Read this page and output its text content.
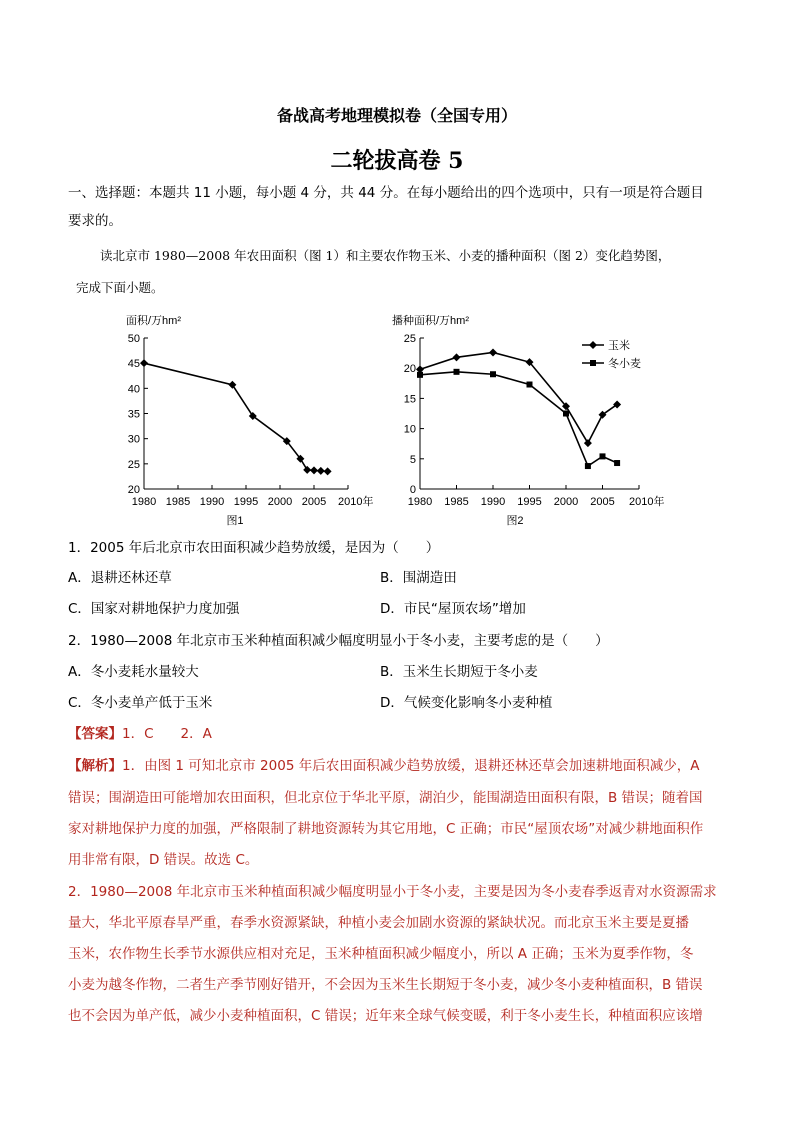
备战高考地理模拟卷（全国专用）
二轮拔高卷 5
一、选择题：本题共 11 小题，每小题 4 分，共 44 分。在每小题给出的四个选项中，只有一项是符合题目
要求的。
读北京市 1980—2008 年农田面积（图 1）和主要农作物玉米、小麦的播种面积（图 2）变化趋势图，
完成下面小题。
面积/万hm²
20
25
30
35
40
45
50
1980 1985 1990 1995 2000 2005 2010年
图1
播种面积/万hm²
0
5
10
15
20
25
1980 1985 1990 1995 2000 2005 2010年
玉米
冬小麦
图2
1．2005 年后北京市农田面积减少趋势放缓，是因为（　　）
A．退耕还林还草	B．围湖造田
C．国家对耕地保护力度加强	D．市民“屋顶农场”增加
2．1980—2008 年北京市玉米种植面积减少幅度明显小于冬小麦，主要考虑的是（　　）
A．冬小麦耗水量较大	B．玉米生长期短于冬小麦
C．冬小麦单产低于玉米	D．气候变化影响冬小麦种植
【答案】1．C　　2．A
【解析】1．由图 1 可知北京市 2005 年后农田面积减少趋势放缓，退耕还林还草会加速耕地面积减少，A
错误；围湖造田可能增加农田面积，但北京位于华北平原，湖泊少，能围湖造田面积有限，B 错误；随着国
家对耕地保护力度的加强，严格限制了耕地资源转为其它用地，C 正确；市民“屋顶农场”对减少耕地面积作
用非常有限，D 错误。故选 C。
2．1980—2008 年北京市玉米种植面积减少幅度明显小于冬小麦，主要是因为冬小麦春季返青对水资源需求
量大，华北平原春旱严重，春季水资源紧缺，种植小麦会加剧水资源的紧缺状况。而北京玉米主要是夏播
玉米，农作物生长季节水源供应相对充足，玉米种植面积减少幅度小，所以 A 正确；玉米为夏季作物，冬
小麦为越冬作物，二者生产季节刚好错开，不会因为玉米生长期短于冬小麦，减少冬小麦种植面积，B 错误
也不会因为单产低，减少小麦种植面积，C 错误；近年来全球气候变暖，利于冬小麦生长，种植面积应该增
